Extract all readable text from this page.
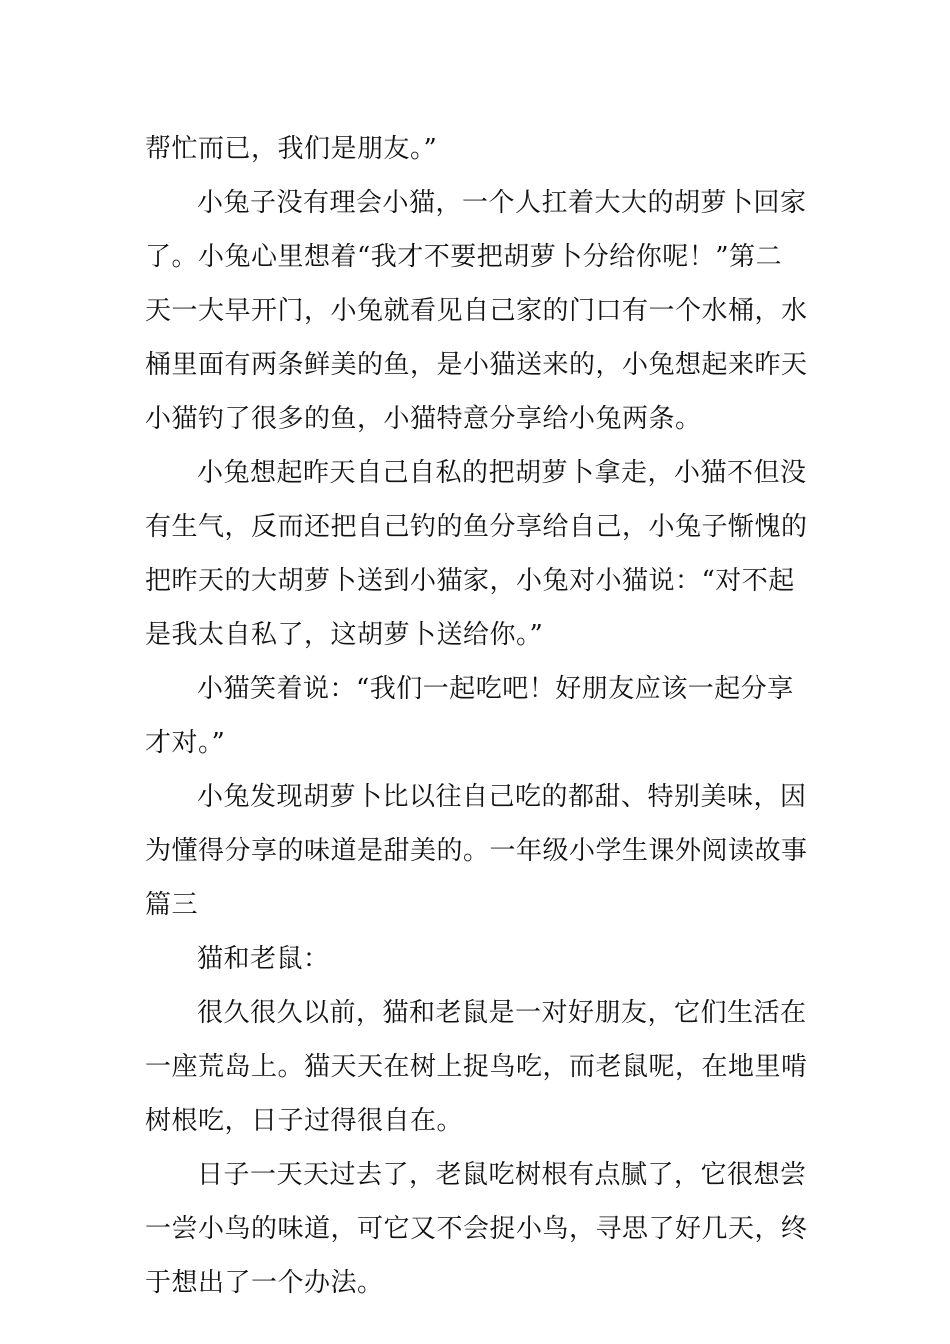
帮忙而已，我们是朋友。”
小兔子没有理会小猫，一个人扛着大大的胡萝卜回家
了。小兔心里想着“我才不要把胡萝卜分给你呢！”第二
天一大早开门，小兔就看见自己家的门口有一个水桶，水
桶里面有两条鲜美的鱼，是小猫送来的，小兔想起来昨天
小猫钓了很多的鱼，小猫特意分享给小兔两条。
小兔想起昨天自己自私的把胡萝卜拿走，小猫不但没
有生气，反而还把自己钓的鱼分享给自己，小兔子惭愧的
把昨天的大胡萝卜送到小猫家，小兔对小猫说：“对不起
是我太自私了，这胡萝卜送给你。”
小猫笑着说：“我们一起吃吧！好朋友应该一起分享
才对。”
小兔发现胡萝卜比以往自己吃的都甜、特别美味，因
为懂得分享的味道是甜美的。一年级小学生课外阅读故事
篇三
猫和老鼠：
很久很久以前，猫和老鼠是一对好朋友，它们生活在
一座荒岛上。猫天天在树上捉鸟吃，而老鼠呢，在地里啃
树根吃，日子过得很自在。
日子一天天过去了，老鼠吃树根有点腻了，它很想尝
一尝小鸟的味道，可它又不会捉小鸟，寻思了好几天，终
于想出了一个办法。
